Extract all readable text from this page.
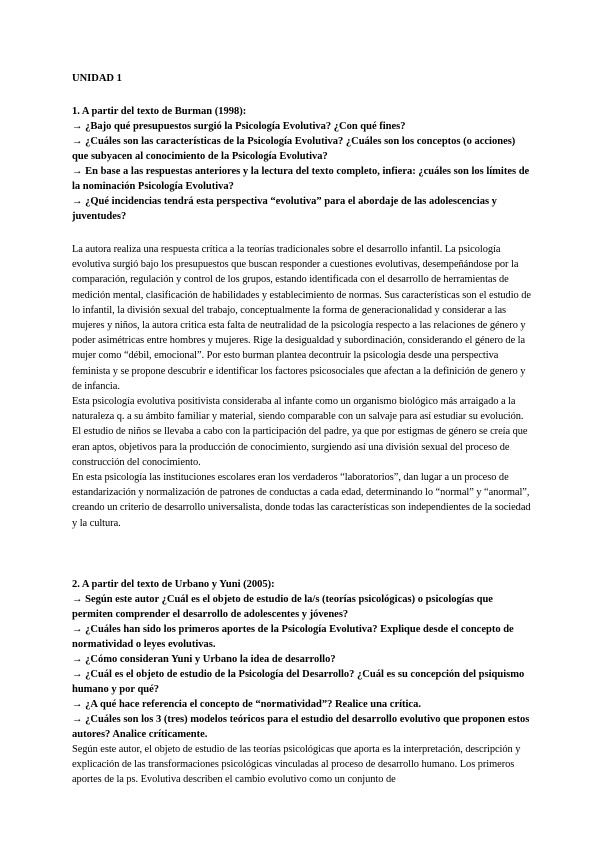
UNIDAD 1

1. A partir del texto de Burman (1998):

→ ¿Bajo qué presupuestos surgió la Psicología Evolutiva? ¿Con qué fines?
→ ¿Cuáles son las características de la Psicología Evolutiva? ¿Cuáles son los conceptos (o acciones) que subyacen al conocimiento de la Psicología Evolutiva?
→ En base a las respuestas anteriores y la lectura del texto completo, infiera: ¿cuáles son los límites de la nominación Psicología Evolutiva?
→ ¿Qué incidencias tendrá esta perspectiva “evolutiva” para el abordaje de las adolescencias y juventudes?

La autora realiza una respuesta crítica a la teorías tradicionales sobre el desarrollo infantil. La psicología evolutiva surgió bajo los presupuestos que buscan responder a cuestiones evolutivas, desempeñándose por la comparación, regulación y control de los grupos, estando identificada con el desarrollo de herramientas de medición mental, clasificación de habilidades y establecimiento de normas. Sus características son el estudio de lo infantil, la división sexual del trabajo, conceptualmente la forma de generacionalidad y considerar a las mujeres y niños, la autora critica esta falta de neutralidad de la psicología respecto a las relaciones de género y poder asimétricas entre hombres y mujeres. Rige la desigualdad y subordinación, considerando el género de la mujer como “débil, emocional”. Por esto burman plantea decontruir la psicologia desde una perspectiva feminista y se propone descubrir e identificar los factores psicosociales que afectan a la definición de genero y de infancia.

Esta psicología evolutiva positivista consideraba al infante como un organismo biológico más arraigado a la naturaleza q. a su ámbito familiar y material, siendo comparable con un salvaje para así estudiar su evolución. El estudio de niños se llevaba a cabo con la participación del padre, ya que por estigmas de género se creía que eran aptos, objetivos para la producción de conocimiento, surgiendo así una división sexual del proceso de construcción del conocimiento.

En esta psicología las instituciones escolares eran los verdaderos “laboratorios”, dan lugar a un proceso de estandarización y normalización de patrones de conductas a cada edad, determinando lo “normal” y “anormal”, creando un criterio de desarrollo universalista, donde todas las características son independientes de la sociedad y la cultura.

2. A partir del texto de Urbano y Yuni (2005):

→ Según este autor ¿Cuál es el objeto de estudio de la/s (teorías psicológicas) o psicologías que permiten comprender el desarrollo de adolescentes y jóvenes?
→ ¿Cuáles han sido los primeros aportes de la Psicología Evolutiva? Explique desde el concepto de normatividad o leyes evolutivas.
→ ¿Cómo consideran Yuni y Urbano la idea de desarrollo?
→ ¿Cuál es el objeto de estudio de la Psicología del Desarrollo? ¿Cuál es su concepción del psiquismo humano y por qué?
→ ¿A qué hace referencia el concepto de “normatividad”? Realice una crítica.
→ ¿Cuáles son los 3 (tres) modelos teóricos para el estudio del desarrollo evolutivo que proponen estos autores? Analice críticamente.

Según este autor, el objeto de estudio de las teorías psicológicas que aporta es la interpretación, descripción y explicación de las transformaciones psicológicas vinculadas al proceso de desarrollo humano. Los primeros aportes de la ps. Evolutiva describen el cambio evolutivo como un conjunto de
